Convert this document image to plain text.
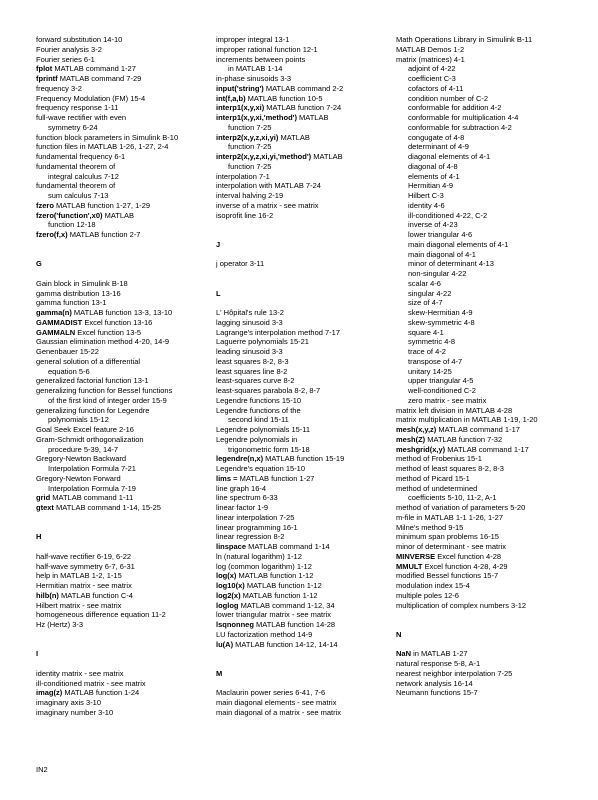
forward substitution 14-10
Fourier analysis 3-2
Fourier series 6-1
fplot MATLAB command 1-27
fprintf MATLAB command 7-29
frequency 3-2
Frequency Modulation (FM) 15-4
frequency response 1-11
full-wave rectifier with even
symmetry 6-24
function block parameters in Simulink B-10
function files in MATLAB 1-26, 1-27, 2-4
fundamental frequency 6-1
fundamental theorem of
integral calculus 7-12
fundamental theorem of
sum calculus 7-13
fzero MATLAB function 1-27, 1-29
fzero('function',x0) MATLAB
function 12-18
fzero(f,x) MATLAB function 2-7
G
Gain block in Simulink B-18
gamma distribution 13-16
gamma function 13-1
gamma(n) MATLAB function 13-3, 13-10
GAMMADIST Excel function 13-16
GAMMALN Excel function 13-5
Gaussian elimination method 4-20, 14-9
Genenbauer 15-22
general solution of a differential
equation 5-6
generalized factorial function 13-1
generalizing function for Bessel functions
of the first kind of integer order 15-9
generalizing function for Legendre
polynomials 15-12
Goal Seek Excel feature 2-16
Gram-Schmidt orthogonalization
procedure 5-39, 14-7
Gregory-Newton Backward
Interpolation Formula 7-21
Gregory-Newton Forward
Interpolation Formula 7-19
grid MATLAB command 1-11
gtext MATLAB command 1-14, 15-25
H
half-wave rectifier 6-19, 6-22
half-wave symmetry 6-7, 6-31
help in MATLAB 1-2, 1-15
Hermitian matrix - see matrix
hilb(n) MATLAB function C-4
Hilbert matrix - see matrix
homogeneous difference equation 11-2
Hz (Hertz) 3-3
I
identity matrix - see matrix
ill-conditioned matrix - see matrix
imag(z) MATLAB function 1-24
imaginary axis 3-10
imaginary number 3-10
improper integral 13-1
improper rational function 12-1
increments between points
in MATLAB 1-14
in-phase sinusoids 3-3
input('string') MATLAB command 2-2
int(f,a,b) MATLAB function 10-5
interp1(x,y,xi) MATLAB function 7-24
interp1(x,y,xi,'method') MATLAB
function 7-25
interp2(x,y,z,xi,yi) MATLAB
function 7-25
interp2(x,y,z,xi,yi,'method') MATLAB
function 7-25
interpolation 7-1
interpolation with MATLAB 7-24
interval halving 2-19
inverse of a matrix - see matrix
isoprofit line 16-2
J
j operator 3-11
L
L' Hôpital's rule 13-2
lagging sinusoid 3-3
Lagrange's interpolation method 7-17
Laguerre polynomials 15-21
leading sinusoid 3-3
least squares 8-2, 8-3
least squares line 8-2
least-squares curve 8-2
least-squares parabola 8-2, 8-7
Legendre functions 15-10
Legendre functions of the
second kind 15-11
Legendre polynomials 15-11
Legendre polynomials in
trigonometric form 15-18
legendre(n,x) MATLAB function 15-19
Legendre's equation 15-10
lims = MATLAB function 1-27
line graph 16-4
line spectrum 6-33
linear factor 1-9
linear interpolation 7-25
linear programming 16-1
linear regression 8-2
linspace MATLAB command 1-14
ln (natural logarithm) 1-12
log (common logarithm) 1-12
log(x) MATLAB function 1-12
log10(x) MATLAB function 1-12
log2(x) MATLAB function 1-12
loglog MATLAB command 1-12, 34
lower triangular matrix - see matrix
lsqnonneg MATLAB function 14-28
LU factorization method 14-9
lu(A) MATLAB function 14-12, 14-14
M
Maclaurin power series 6-41, 7-6
main diagonal elements - see matrix
main diagonal of a matrix - see matrix
Math Operations Library in Simulink B-11
MATLAB Demos 1-2
matrix (matrices) 4-1
adjoint of 4-22
coefficient C-3
cofactors of 4-11
condition number of C-2
conformable for addition 4-2
conformable for multiplication 4-4
conformable for subtraction 4-2
congugate of 4-8
determinant of 4-9
diagonal elements of 4-1
diagonal of 4-8
elements of 4-1
Hermitian 4-9
Hilbert C-3
identity 4-6
ill-conditioned 4-22, C-2
inverse of 4-23
lower triangular 4-6
main diagonal elements of 4-1
main diagonal of 4-1
minor of determinant 4-13
non-singular 4-22
scalar 4-6
singular 4-22
size of 4-7
skew-Hermitian 4-9
skew-symmetric 4-8
square 4-1
symmetric 4-8
trace of 4-2
transpose of 4-7
unitary 14-25
upper triangular 4-5
well-conditioned C-2
zero matrix - see matrix
matrix left division in MATLAB 4-28
matrix multiplication in MATLAB 1-19, 1-20
mesh(x,y,z) MATLAB command 1-17
mesh(Z) MATLAB function 7-32
meshgrid(x,y) MATLAB command 1-17
method of Frobenius 15-1
method of least squares 8-2, 8-3
method of Picard 15-1
method of undetermined
coefficients 5-10, 11-2, A-1
method of variation of parameters 5-20
m-file in MATLAB 1-1 1-26, 1-27
Milne's method 9-15
minimum span problems 16-15
minor of determinant - see matrix
MINVERSE Excel function 4-28
MMULT Excel function 4-28, 4-29
modified Bessel functions 15-7
modulation index 15-4
multiple poles 12-6
multiplication of complex numbers 3-12
N
NaN in MATLAB 1-27
natural response 5-8, A-1
nearest neighbor interpolation 7-25
network analysis 16-14
Neumann functions 15-7
IN2
